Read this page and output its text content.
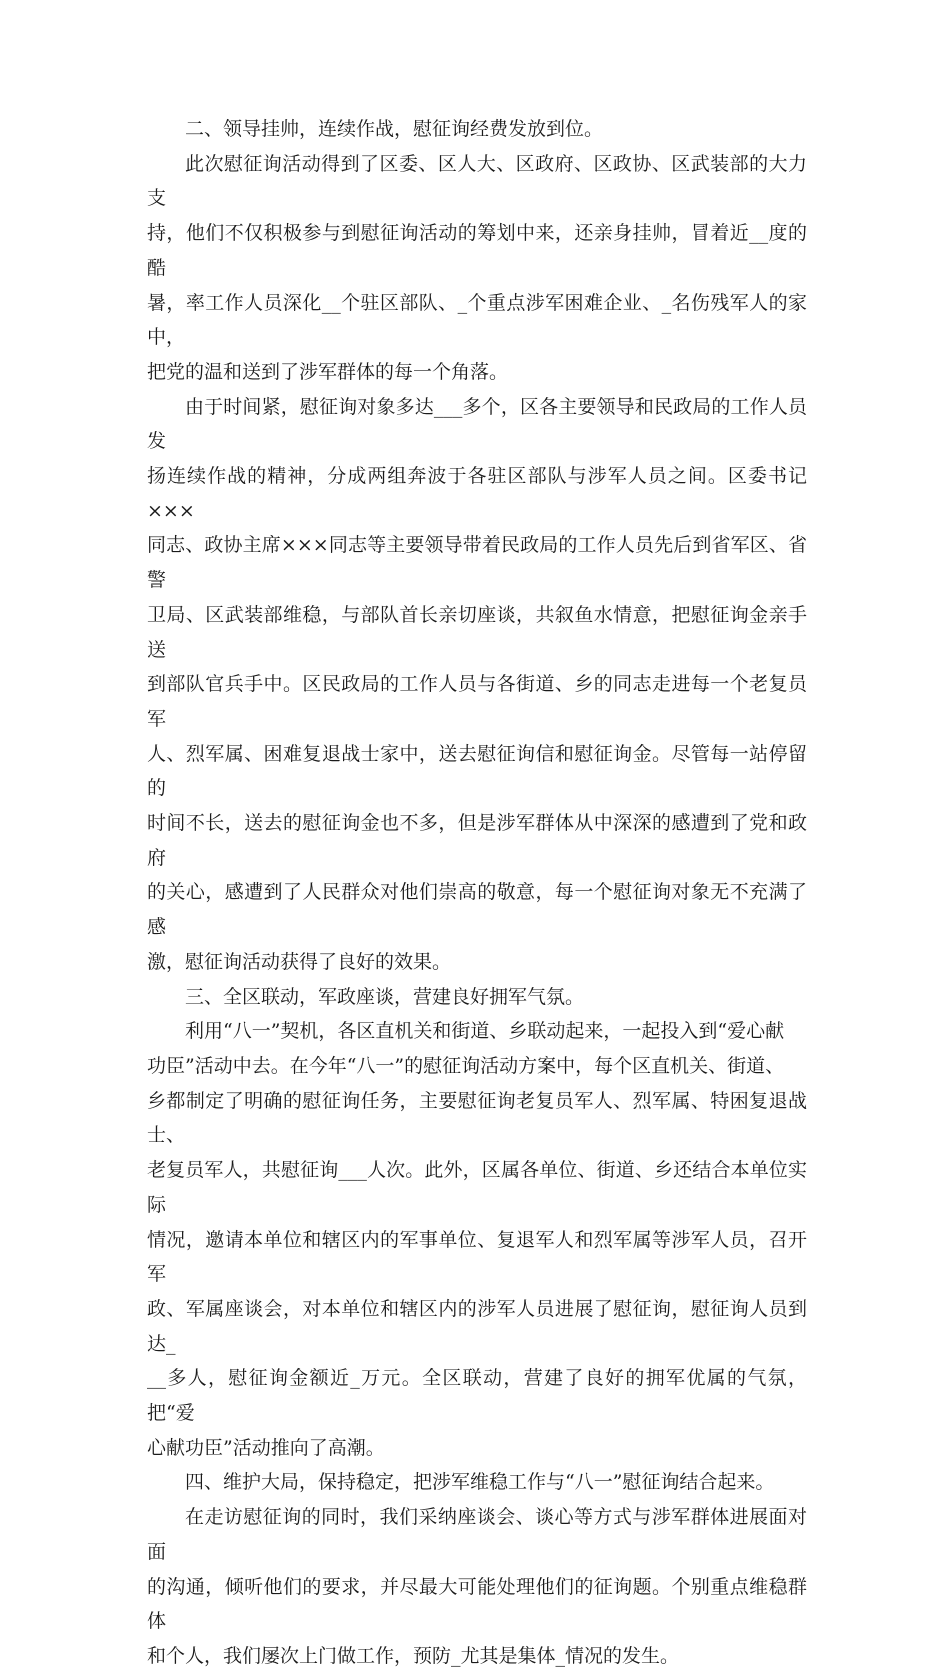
二、领导挂帅，连续作战，慰征询经费发放到位。

此次慰征询活动得到了区委、区人大、区政府、区政协、区武装部的大力支
持，他们不仅积极参与到慰征询活动的筹划中来，还亲身挂帅，冒着近__度的酷
暑，率工作人员深化__个驻区部队、_个重点涉军困难企业、_名伤残军人的家中，
把党的温和送到了涉军群体的每一个角落。

由于时间紧，慰征询对象多达___多个，区各主要领导和民政局的工作人员发
扬连续作战的精神，分成两组奔波于各驻区部队与涉军人员之间。区委书记×××
同志、政协主席×××同志等主要领导带着民政局的工作人员先后到省军区、省警
卫局、区武装部维稳，与部队首长亲切座谈，共叙鱼水情意，把慰征询金亲手送
到部队官兵手中。区民政局的工作人员与各街道、乡的同志走进每一个老复员军
人、烈军属、困难复退战士家中，送去慰征询信和慰征询金。尽管每一站停留的
时间不长，送去的慰征询金也不多，但是涉军群体从中深深的感遭到了党和政府
的关心，感遭到了人民群众对他们崇高的敬意，每一个慰征询对象无不充满了感
激，慰征询活动获得了良好的效果。

三、全区联动，军政座谈，营建良好拥军气氛。

利用“八一”契机，各区直机关和街道、乡联动起来，一起投入到“爱心献
功臣”活动中去。在今年“八一”的慰征询活动方案中，每个区直机关、街道、
乡都制定了明确的慰征询任务，主要慰征询老复员军人、烈军属、特困复退战士、
老复员军人，共慰征询___人次。此外，区属各单位、街道、乡还结合本单位实际
情况，邀请本单位和辖区内的军事单位、复退军人和烈军属等涉军人员，召开军
政、军属座谈会，对本单位和辖区内的涉军人员进展了慰征询，慰征询人员到达_
__多人，慰征询金额近_万元。全区联动，营建了良好的拥军优属的气氛，把“爱
心献功臣”活动推向了高潮。

四、维护大局，保持稳定，把涉军维稳工作与“八一”慰征询结合起来。

在走访慰征询的同时，我们采纳座谈会、谈心等方式与涉军群体进展面对面
的沟通，倾听他们的要求，并尽最大可能处理他们的征询题。个别重点维稳群体
和个人，我们屡次上门做工作，预防_尤其是集体_情况的发生。
